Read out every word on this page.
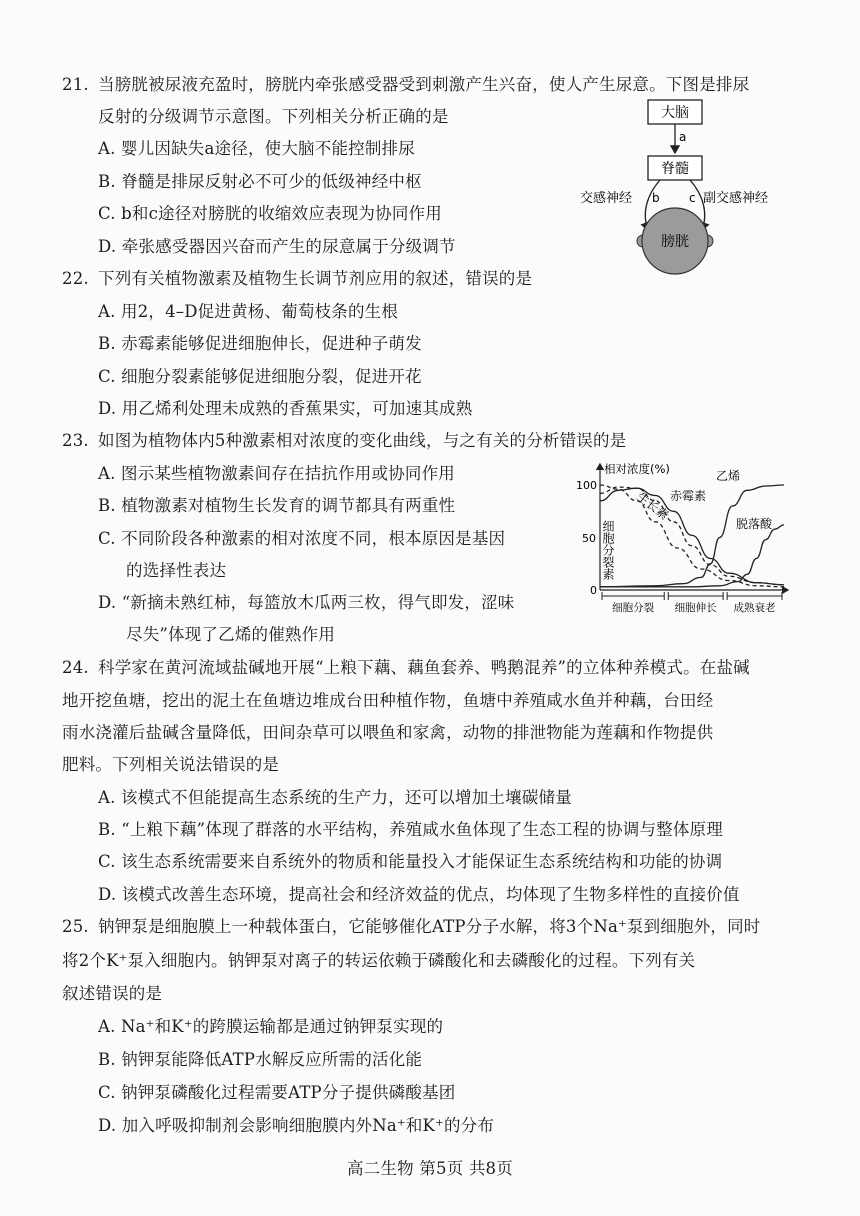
21. 当膀胱被尿液充盈时，膀胱内牵张感受器受到刺激产生兴奋，使人产生尿意。下图是排尿
反射的分级调节示意图。下列相关分析正确的是
A. 婴儿因缺失a途径，使大脑不能控制排尿
B. 脊髓是排尿反射必不可少的低级神经中枢
C. b和c途径对膀胱的收缩效应表现为协同作用
D. 牵张感受器因兴奋而产生的尿意属于分级调节
大脑
a
脊髓
交感神经 b c 副交感神经
膀胱
22. 下列有关植物激素及植物生长调节剂应用的叙述，错误的是
A. 用2，4–D促进黄杨、葡萄枝条的生根
B. 赤霉素能够促进细胞伸长，促进种子萌发
C. 细胞分裂素能够促进细胞分裂，促进开花
D. 用乙烯利处理未成熟的香蕉果实，可加速其成熟
23. 如图为植物体内5种激素相对浓度的变化曲线，与之有关的分析错误的是
A. 图示某些植物激素间存在拮抗作用或协同作用
B. 植物激素对植物生长发育的调节都具有两重性
C. 不同阶段各种激素的相对浓度不同，根本原因是基因
的选择性表达
D. “新摘未熟红柿，每篮放木瓜两三枚，得气即发，涩味
尽失”体现了乙烯的催熟作用
相对浓度(%)
100
50
0
乙烯
赤霉素
生长素
脱落酸
细胞分裂素
细胞分裂 细胞伸长 成熟衰老
24. 科学家在黄河流域盐碱地开展“上粮下藕、藕鱼套养、鸭鹅混养”的立体种养模式。在盐碱
地开挖鱼塘，挖出的泥土在鱼塘边堆成台田种植作物，鱼塘中养殖咸水鱼并种藕，台田经
雨水浇灌后盐碱含量降低，田间杂草可以喂鱼和家禽，动物的排泄物能为莲藕和作物提供
肥料。下列相关说法错误的是
A. 该模式不但能提高生态系统的生产力，还可以增加土壤碳储量
B. “上粮下藕”体现了群落的水平结构，养殖咸水鱼体现了生态工程的协调与整体原理
C. 该生态系统需要来自系统外的物质和能量投入才能保证生态系统结构和功能的协调
D. 该模式改善生态环境，提高社会和经济效益的优点，均体现了生物多样性的直接价值
25. 钠钾泵是细胞膜上一种载体蛋白，它能够催化ATP分子水解，将3个Na⁺泵到细胞外，同时
将2个K⁺泵入细胞内。钠钾泵对离子的转运依赖于磷酸化和去磷酸化的过程。下列有关
叙述错误的是
A. Na⁺和K⁺的跨膜运输都是通过钠钾泵实现的
B. 钠钾泵能降低ATP水解反应所需的活化能
C. 钠钾泵磷酸化过程需要ATP分子提供磷酸基团
D. 加入呼吸抑制剂会影响细胞膜内外Na⁺和K⁺的分布
高二生物 第5页 共8页
